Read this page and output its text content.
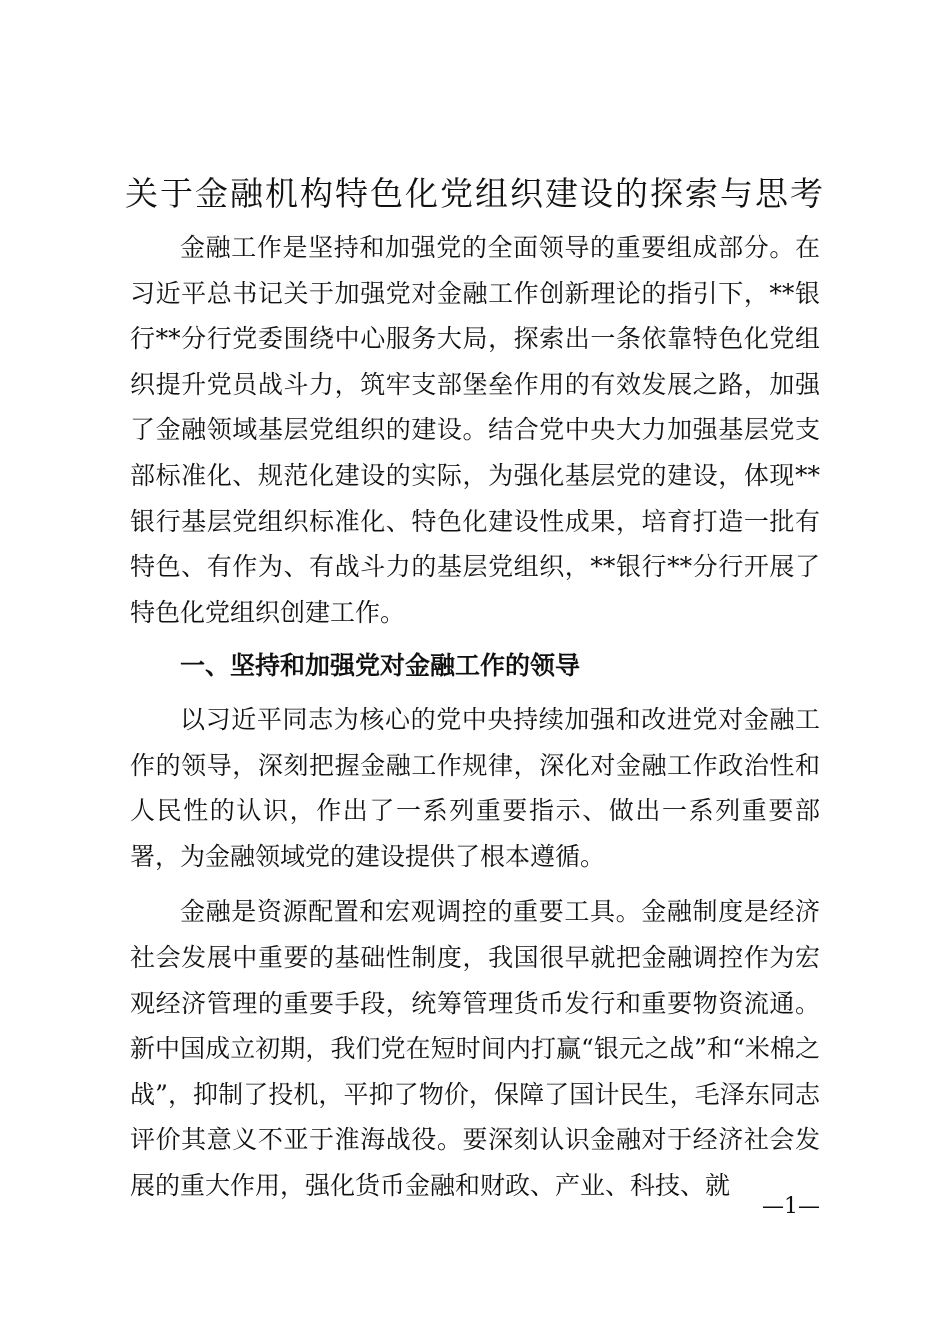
关于金融机构特色化党组织建设的探索与思考

金融工作是坚持和加强党的全面领导的重要组成部分。在习近平总书记关于加强党对金融工作创新理论的指引下，**银行**分行党委围绕中心服务大局，探索出一条依靠特色化党组织提升党员战斗力，筑牢支部堡垒作用的有效发展之路，加强了金融领域基层党组织的建设。结合党中央大力加强基层党支部标准化、规范化建设的实际，为强化基层党的建设，体现**银行基层党组织标准化、特色化建设性成果，培育打造一批有特色、有作为、有战斗力的基层党组织，**银行**分行开展了特色化党组织创建工作。

一、坚持和加强党对金融工作的领导

以习近平同志为核心的党中央持续加强和改进党对金融工作的领导，深刻把握金融工作规律，深化对金融工作政治性和人民性的认识，作出了一系列重要指示、做出一系列重要部署，为金融领域党的建设提供了根本遵循。

金融是资源配置和宏观调控的重要工具。金融制度是经济社会发展中重要的基础性制度，我国很早就把金融调控作为宏观经济管理的重要手段，统筹管理货币发行和重要物资流通。新中国成立初期，我们党在短时间内打赢“银元之战”和“米棉之战”，抑制了投机，平抑了物价，保障了国计民生，毛泽东同志评价其意义不亚于淮海战役。要深刻认识金融对于经济社会发展的重大作用，强化货币金融和财政、产业、科技、就

—1—
